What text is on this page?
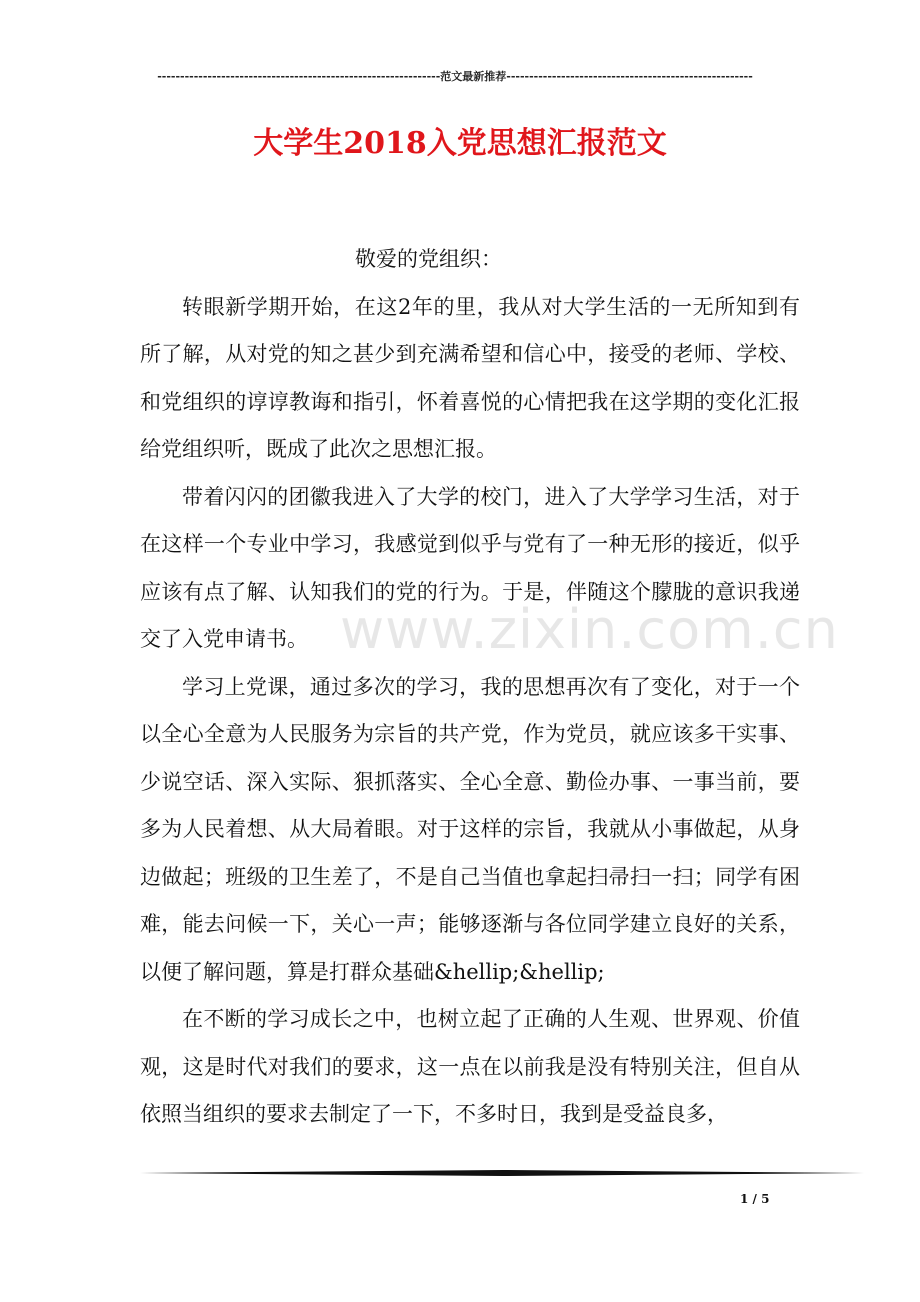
--------------------------------------------------------------范文最新推荐------------------------------------------------------
大学生2018入党思想汇报范文
www.zixin.com.cn

敬爱的党组织：

转眼新学期开始，在这2年的里，我从对大学生活的一无所知到有所了解，从对党的知之甚少到充满希望和信心中，接受的老师、学校、和党组织的谆谆教诲和指引，怀着喜悦的心情把我在这学期的变化汇报给党组织听，既成了此次之思想汇报。

带着闪闪的团徽我进入了大学的校门，进入了大学学习生活，对于在这样一个专业中学习，我感觉到似乎与党有了一种无形的接近，似乎应该有点了解、认知我们的党的行为。于是，伴随这个朦胧的意识我递交了入党申请书。

学习上党课，通过多次的学习，我的思想再次有了变化，对于一个以全心全意为人民服务为宗旨的共产党，作为党员，就应该多干实事、少说空话、深入实际、狠抓落实、全心全意、勤俭办事、一事当前，要多为人民着想、从大局着眼。对于这样的宗旨，我就从小事做起，从身边做起；班级的卫生差了，不是自己当值也拿起扫帚扫一扫；同学有困难，能去问候一下，关心一声；能够逐渐与各位同学建立良好的关系，以便了解问题，算是打群众基础&hellip;&hellip;

在不断的学习成长之中，也树立起了正确的人生观、世界观、价值观，这是时代对我们的要求，这一点在以前我是没有特别关注，但自从依照当组织的要求去制定了一下，不多时日，我到是受益良多，

1 / 5
